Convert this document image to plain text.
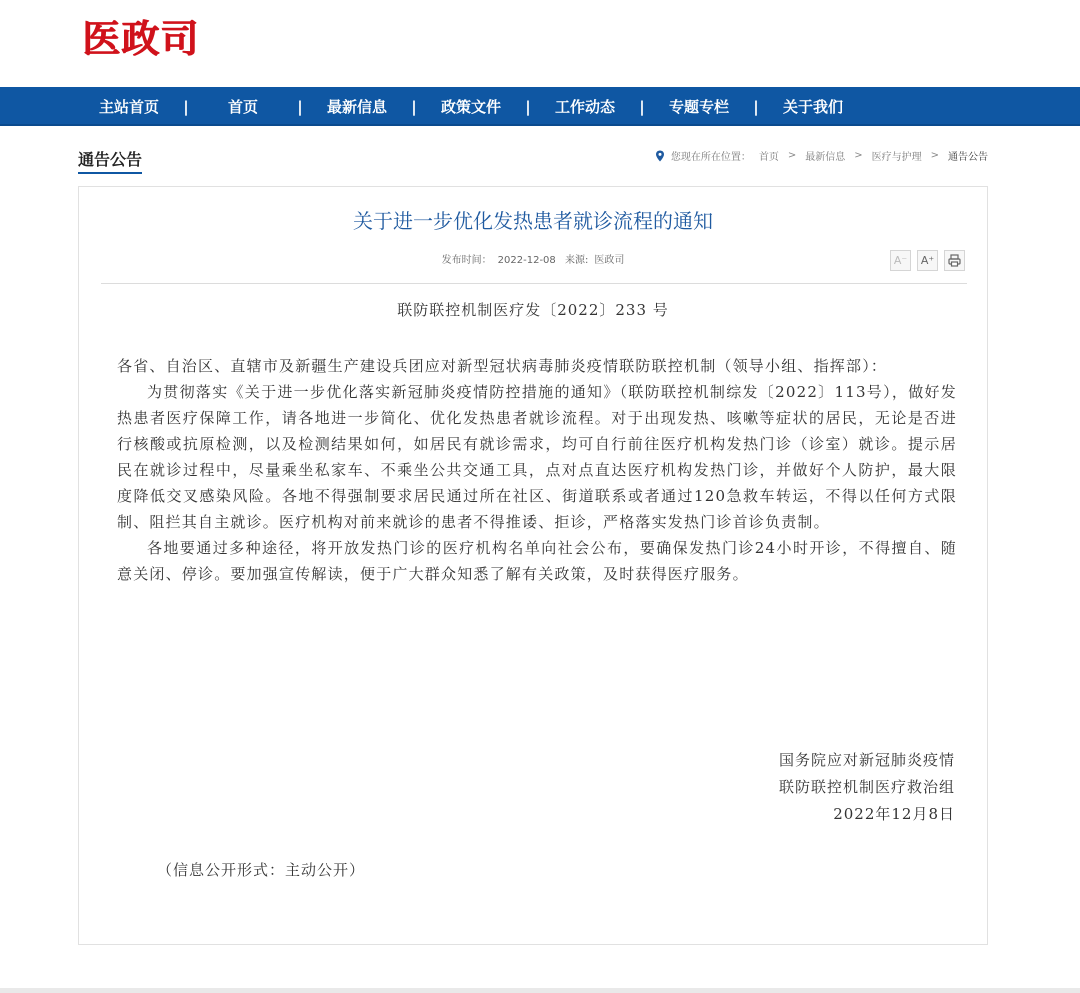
医政司
主站首页	|	首页	|	最新信息	|	政策文件	|	工作动态	|	专题专栏	|	关于我们
通告公告	您现在所在位置： 首页 > 最新信息 > 医疗与护理 > 通告公告
关于进一步优化发热患者就诊流程的通知
发布时间： 2022-12-08 来源: 医政司	A⁻	A⁺
联防联控机制医疗发〔2022〕233 号

各省、自治区、直辖市及新疆生产建设兵团应对新型冠状病毒肺炎疫情联防联控机制（领导小组、指挥部）：

为贯彻落实《关于进一步优化落实新冠肺炎疫情防控措施的通知》（联防联控机制综发〔2022〕113号），做好发热患者医疗保障工作，请各地进一步简化、优化发热患者就诊流程。对于出现发热、咳嗽等症状的居民，无论是否进行核酸或抗原检测，以及检测结果如何，如居民有就诊需求，均可自行前往医疗机构发热门诊（诊室）就诊。提示居民在就诊过程中，尽量乘坐私家车、不乘坐公共交通工具，点对点直达医疗机构发热门诊，并做好个人防护，最大限度降低交叉感染风险。各地不得强制要求居民通过所在社区、街道联系或者通过120急救车转运，不得以任何方式限制、阻拦其自主就诊。医疗机构对前来就诊的患者不得推诿、拒诊，严格落实发热门诊首诊负责制。

各地要通过多种途径，将开放发热门诊的医疗机构名单向社会公布，要确保发热门诊24小时开诊，不得擅自、随意关闭、停诊。要加强宣传解读，便于广大群众知悉了解有关政策，及时获得医疗服务。

国务院应对新冠肺炎疫情
联防联控机制医疗救治组
2022年12月8日
（信息公开形式：主动公开）
